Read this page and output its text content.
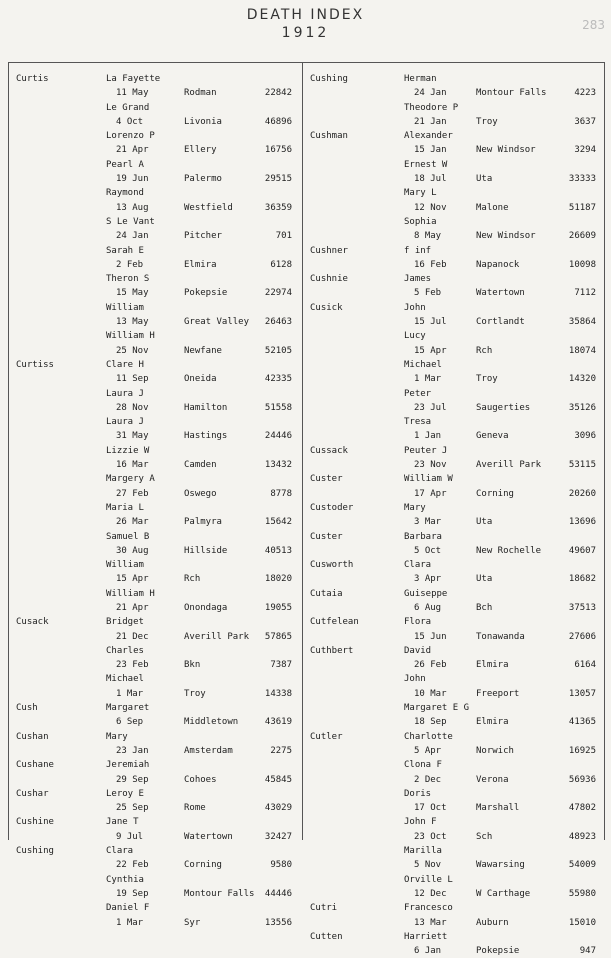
DEATH INDEX
1912	283
Curtis	La Fayette
11 May	Rodman	22842
Le Grand
4 Oct	Livonia	46896
Lorenzo P
21 Apr	Ellery	16756
Pearl A
19 Jun	Palermo	29515
Raymond
13 Aug	Westfield	36359
S Le Vant
24 Jan	Pitcher	701
Sarah E
2 Feb	Elmira	6128
Theron S
15 May	Pokepsie	22974
William
13 May	Great Valley 26463
William H
25 Nov	Newfane	52105
Curtiss	Clare H
11 Sep	Oneida	42335
Laura J
28 Nov	Hamilton	51558
Laura J
31 May	Hastings	24446
Lizzie W
16 Mar	Camden	13432
Margery A
27 Feb	Oswego	8778
Maria L
26 Mar	Palmyra	15642
Samuel B
30 Aug	Hillside	40513
William
15 Apr	Rch	18020
William H
21 Apr	Onondaga	19055
Cusack	Bridget
21 Dec	Averill Park 57865
Charles
23 Feb	Bkn	7387
Michael
1 Mar	Troy	14338
Cush	Margaret
6 Sep	Middletown	43619
Cushan	Mary
23 Jan	Amsterdam	2275
Cushane	Jeremiah
29 Sep	Cohoes	45845
Cushar	Leroy E
25 Sep	Rome	43029
Cushine	Jane T
9 Jul	Watertown	32427
Cushing	Clara
22 Feb	Corning	9580
Cynthia
19 Sep	Montour Falls 44446
Daniel F
1 Mar	Syr	13556
Cushing	Herman
24 Jan	Montour Falls	4223
Theodore P
21 Jan	Troy	3637
Cushman	Alexander
15 Jan	New Windsor	3294
Ernest W
18 Jul	Uta	33333
Mary L
12 Nov	Malone	51187
Sophia
8 May	New Windsor	26609
Cushner	f inf
16 Feb	Napanock	10098
Cushnie	James
5 Feb	Watertown	7112
Cusick	John
15 Jul	Cortlandt	35864
Lucy
15 Apr	Rch	18074
Michael
1 Mar	Troy	14320
Peter
23 Jul	Saugerties	35126
Tresa
1 Jan	Geneva	3096
Cussack	Peuter J
23 Nov	Averill Park	53115
Custer	William W
17 Apr	Corning	20260
Custoder	Mary
3 Mar	Uta	13696
Custer	Barbara
5 Oct	New Rochelle	49607
Cusworth	Clara
3 Apr	Uta	18682
Cutaia	Guiseppe
6 Aug	Bch	37513
Cutfelean	Flora
15 Jun	Tonawanda	27606
Cuthbert	David
26 Feb	Elmira	6164
John
10 Mar	Freeport	13057
Margaret E G
18 Sep	Elmira	41365
Cutler	Charlotte
5 Apr	Norwich	16925
Clona F
2 Dec	Verona	56936
Doris
17 Oct	Marshall	47802
John F
23 Oct	Sch	48923
Marilla
5 Nov	Wawarsing	54009
Orville L
12 Dec	W Carthage	55980
Cutri	Francesco
13 Mar	Auburn	15010
Cutten	Harriett
6 Jan	Pokepsie	947
